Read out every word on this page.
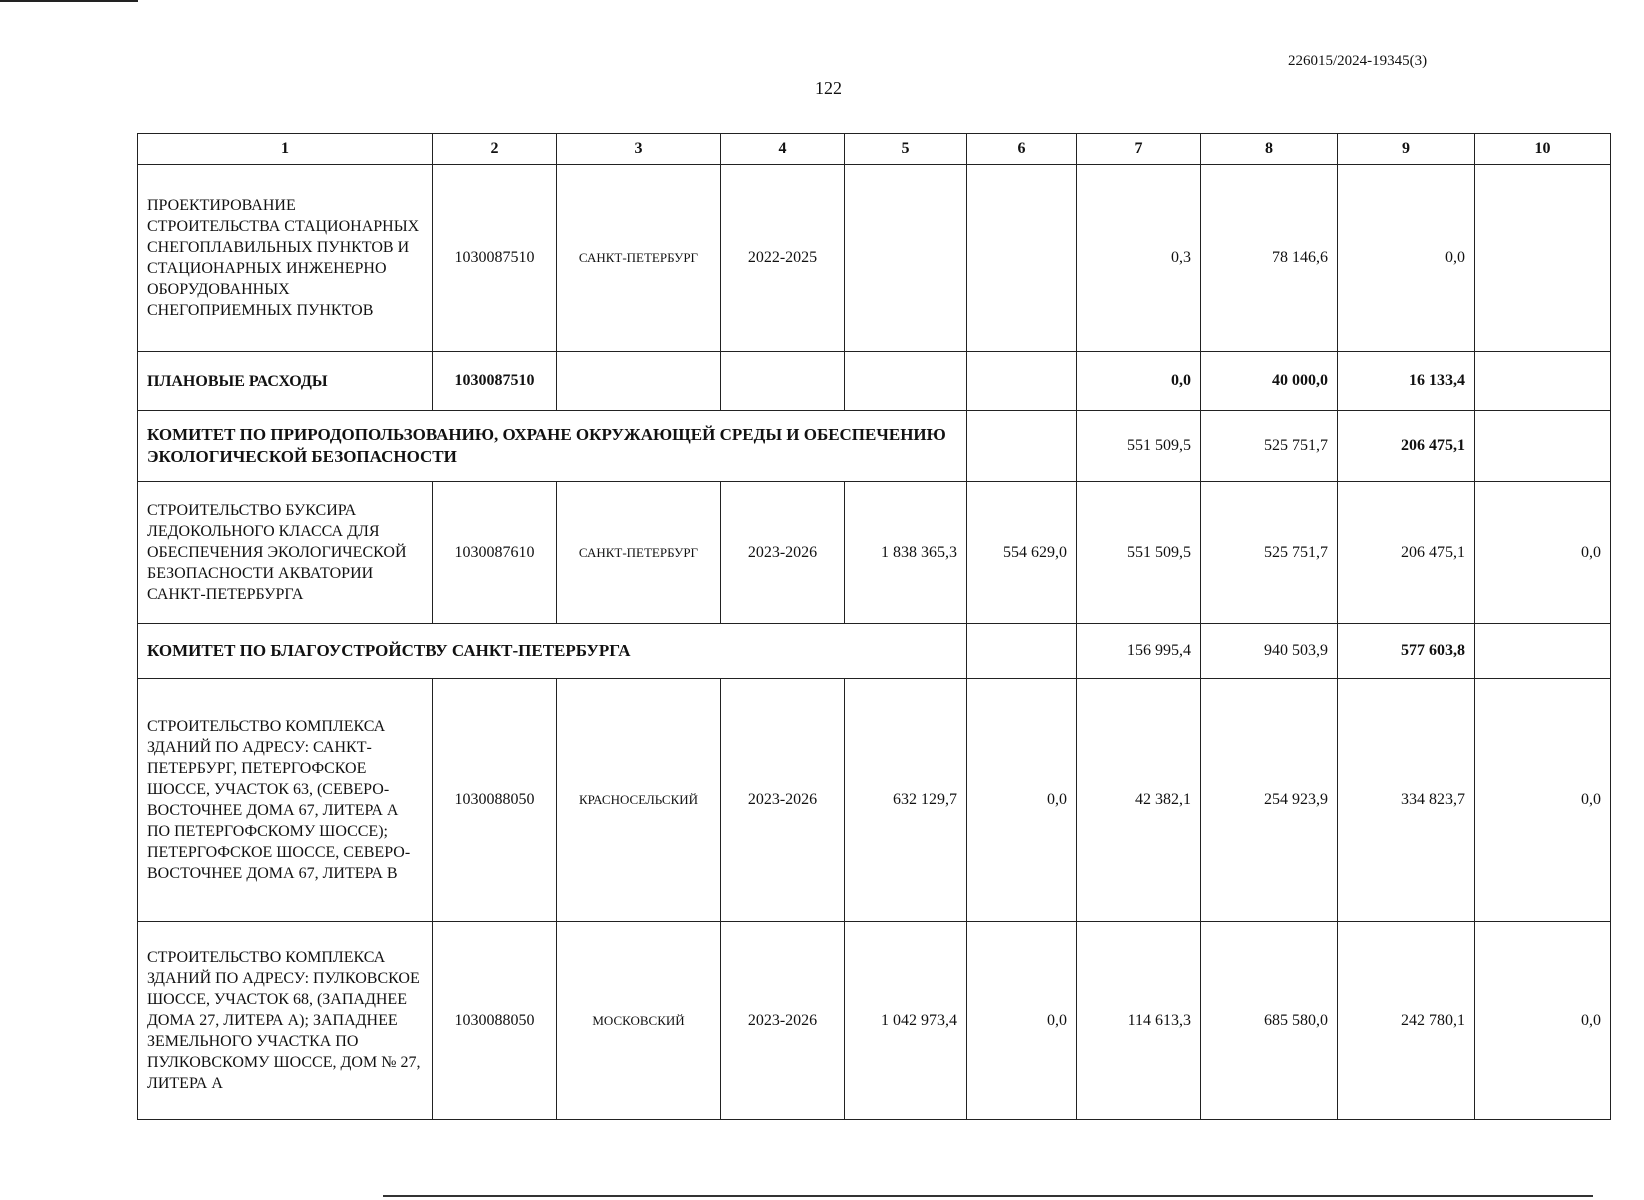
226015/2024-19345(3)
122
1	2	3	4	5	6	7	8	9	10
ПРОЕКТИРОВАНИЕ СТРОИТЕЛЬСТВА СТАЦИОНАРНЫХ СНЕГОПЛАВИЛЬНЫХ ПУНКТОВ И СТАЦИОНАРНЫХ ИНЖЕНЕРНО ОБОРУДОВАННЫХ СНЕГОПРИЕМНЫХ ПУНКТОВ	1030087510	САНКТ-ПЕТЕРБУРГ	2022-2025			0,3	78 146,6	0,0	
ПЛАНОВЫЕ РАСХОДЫ	1030087510					0,0	40 000,0	16 133,4	
КОМИТЕТ ПО ПРИРОДОПОЛЬЗОВАНИЮ, ОХРАНЕ ОКРУЖАЮЩЕЙ СРЕДЫ И ОБЕСПЕЧЕНИЮ ЭКОЛОГИЧЕСКОЙ БЕЗОПАСНОСТИ						551 509,5	525 751,7	206 475,1	
СТРОИТЕЛЬСТВО БУКСИРА ЛЕДОКОЛЬНОГО КЛАССА ДЛЯ ОБЕСПЕЧЕНИЯ ЭКОЛОГИЧЕСКОЙ БЕЗОПАСНОСТИ АКВАТОРИИ САНКТ-ПЕТЕРБУРГА	1030087610	САНКТ-ПЕТЕРБУРГ	2023-2026	1 838 365,3	554 629,0	551 509,5	525 751,7	206 475,1	0,0
КОМИТЕТ ПО БЛАГОУСТРОЙСТВУ САНКТ-ПЕТЕРБУРГА						156 995,4	940 503,9	577 603,8	
СТРОИТЕЛЬСТВО КОМПЛЕКСА ЗДАНИЙ ПО АДРЕСУ: САНКТ-ПЕТЕРБУРГ, ПЕТЕРГОФСКОЕ ШОССЕ, УЧАСТОК 63, (СЕВЕРО-ВОСТОЧНЕЕ ДОМА 67, ЛИТЕРА А ПО ПЕТЕРГОФСКОМУ ШОССЕ); ПЕТЕРГОФСКОЕ ШОССЕ, СЕВЕРО-ВОСТОЧНЕЕ ДОМА 67, ЛИТЕРА В	1030088050	КРАСНОСЕЛЬСКИЙ	2023-2026	632 129,7	0,0	42 382,1	254 923,9	334 823,7	0,0
СТРОИТЕЛЬСТВО КОМПЛЕКСА ЗДАНИЙ ПО АДРЕСУ: ПУЛКОВСКОЕ ШОССЕ, УЧАСТОК 68, (ЗАПАДНЕЕ ДОМА 27, ЛИТЕРА А); ЗАПАДНЕЕ ЗЕМЕЛЬНОГО УЧАСТКА ПО ПУЛКОВСКОМУ ШОССЕ, ДОМ № 27, ЛИТЕРА А	1030088050	МОСКОВСКИЙ	2023-2026	1 042 973,4	0,0	114 613,3	685 580,0	242 780,1	0,0
